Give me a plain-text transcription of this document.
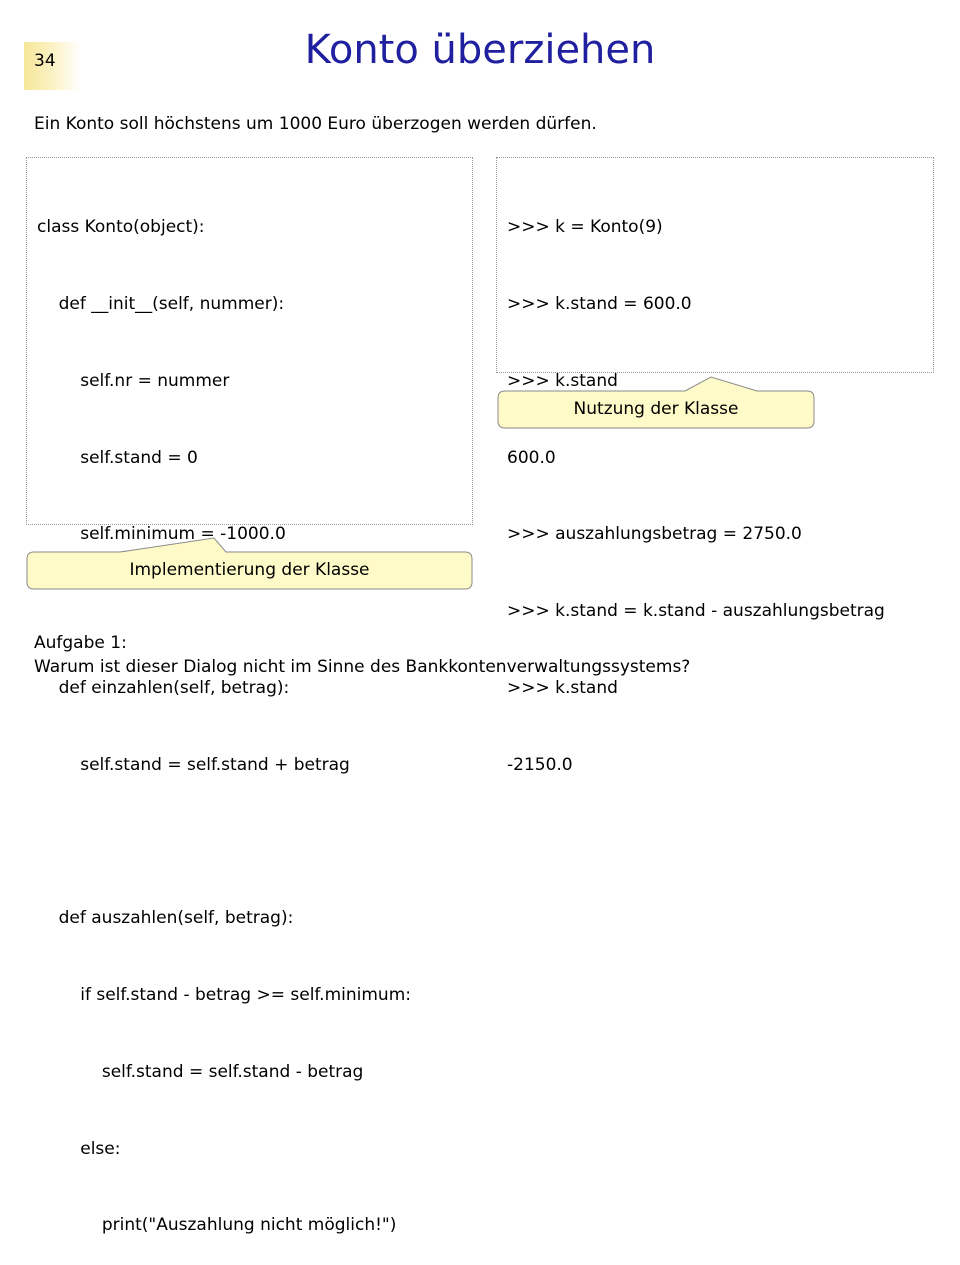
34	Konto überziehen
Ein Konto soll höchstens um 1000 Euro überzogen werden dürfen.

class Konto(object):

def __init__(self, nummer):

self.nr = nummer

self.stand = 0

self.minimum = -1000.0

def einzahlen(self, betrag):

self.stand = self.stand + betrag

def auszahlen(self, betrag):

if self.stand - betrag >= self.minimum:

self.stand = self.stand - betrag

else:

print("Auszahlung nicht möglich!")

>>> k = Konto(9)

>>> k.stand = 600.0

>>> k.stand

600.0

>>> auszahlungsbetrag = 2750.0

>>> k.stand = k.stand - auszahlungsbetrag

>>> k.stand

-2150.0

Nutzung der Klasse
Implementierung der Klasse
Aufgabe 1:
Warum ist dieser Dialog nicht im Sinne des Bankkontenverwaltungssystems?
